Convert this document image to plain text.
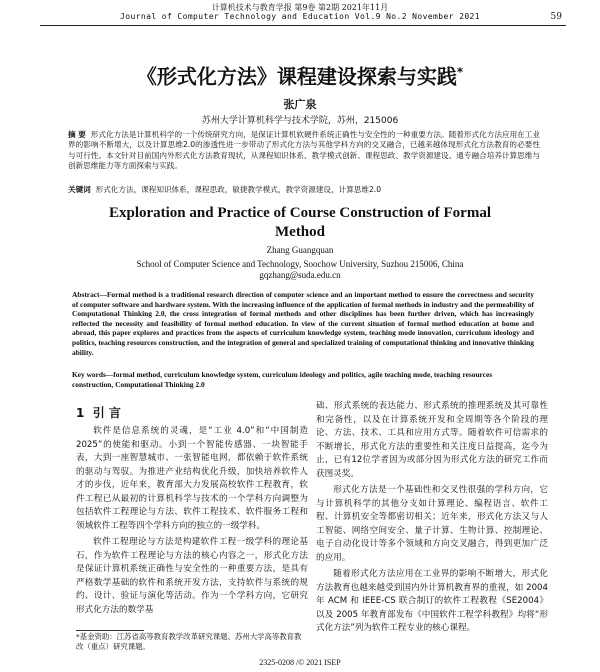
计算机技术与教育学报 第9卷 第2期 2021年11月
Journal of Computer Technology and Education Vol.9 No.2 November 2021	59
《形式化方法》课程建设探索与实践*
张广泉
苏州大学计算机科学与技术学院，苏州，215006
摘 要 形式化方法是计算机科学的一个传统研究方向，是保证计算机软硬件系统正确性与安全性的一种重要方法。随着形式化方法应用在工业界的影响不断增大，以及计算思维2.0的渗透性进一步带动了形式化方法与其他学科方向的交叉融合，已越来越体现形式化方法教育的必要性与可行性。本文针对目前国内外形式化方法教育现状，从课程知识体系、教学模式创新、课程思政、教学资源建设、通专融合培养计算思维与创新思维能力等方面探索与实践。
关键词 形式化方法，课程知识体系，课程思政，敏捷教学模式，教学资源建设，计算思维2.0
Exploration and Practice of Course Construction of Formal Method
Zhang Guangquan
School of Computer Science and Technology, Soochow University, Suzhou 215006, China
gqzhang@suda.edu.cn
Abstract—Formal method is a traditional research direction of computer science and an important method to ensure the correctness and security of computer software and hardware system. With the increasing influence of the application of formal methods in industry and the permeability of Computational Thinking 2.0, the cross integration of formal methods and other disciplines has been further driven, which has increasingly reflected the necessity and feasibility of formal method education. In view of the current situation of formal method education at home and abroad, this paper explores and practices from the aspects of curriculum knowledge system, teaching mode innovation, curriculum ideology and politics, teaching resources construction, and the integration of general and specialized training of computational thinking and innovative thinking ability.
Key words—formal method, curriculum knowledge system, curriculum ideology and politics, agile teaching mode, teaching resources construction, Computational Thinking 2.0
1 引 言

软件是信息系统的灵魂，是“工业 4.0”和“中国制造 2025”的使能和驱动。小到一个智能传感器、一块智能手表，大到一座智慧城市、一张智能电网，都依赖于软件系统的驱动与驾驭。为推进产业结构优化升级，加快培养软件人才的步伐，近年来，教育部大力发展高校软件工程教育，软件工程已从最初的计算机科学与技术的一个学科方向调整为包括软件工程理论与方法、软件工程技术、软件服务工程和领域软件工程等四个学科方向的独立的一级学科。

软件工程理论与方法是构建软件工程一级学科的理论基石，作为软件工程理论与方法的核心内容之一，形式化方法是保证计算机系统正确性与安全性的一种重要方法，是具有严格数学基础的软件和系统开发方法，支持软件与系统的规约、设计、验证与演化等活动。作为一个学科方向，它研究形式化方法的数学基

础、形式系统的表达能力、形式系统的推理系统及其可靠性和完备性，以及在计算系统开发和全周期等各个阶段的理论、方法、技术、工具和应用方式等。随着软件可信需求的不断增长，形式化方法的重要性和关注度日益提高，迄今为止，已有12位学者因为或部分因为形式化方法的研究工作而获图灵奖。

形式化方法是一个基础性和交叉性很强的学科方向，它与计算机科学的其他分支如计算理论、编程语言、软件工程、计算机安全等都密切相关；近年来，形式化方法又与人工智能、网络空间安全、量子计算、生物计算、控制理论、电子自动化设计等多个领域和方向交叉融合，得到更加广泛的应用。

随着形式化方法应用在工业界的影响不断增大，形式化方法教育也越来越受到国内外计算机教育界的重视，如 2004 年 ACM 和 IEEE-CS 联合制订的软件工程教程《SE2004》以及 2005 年教育部发布《中国软件工程学科教程》均将“形式化方法”列为软件工程专业的核心课程。

*基金资助：江苏省高等教育教学改革研究课题、苏州大学高等教育教改（重点）研究课题。
2325-0208 /© 2021 ISEP
